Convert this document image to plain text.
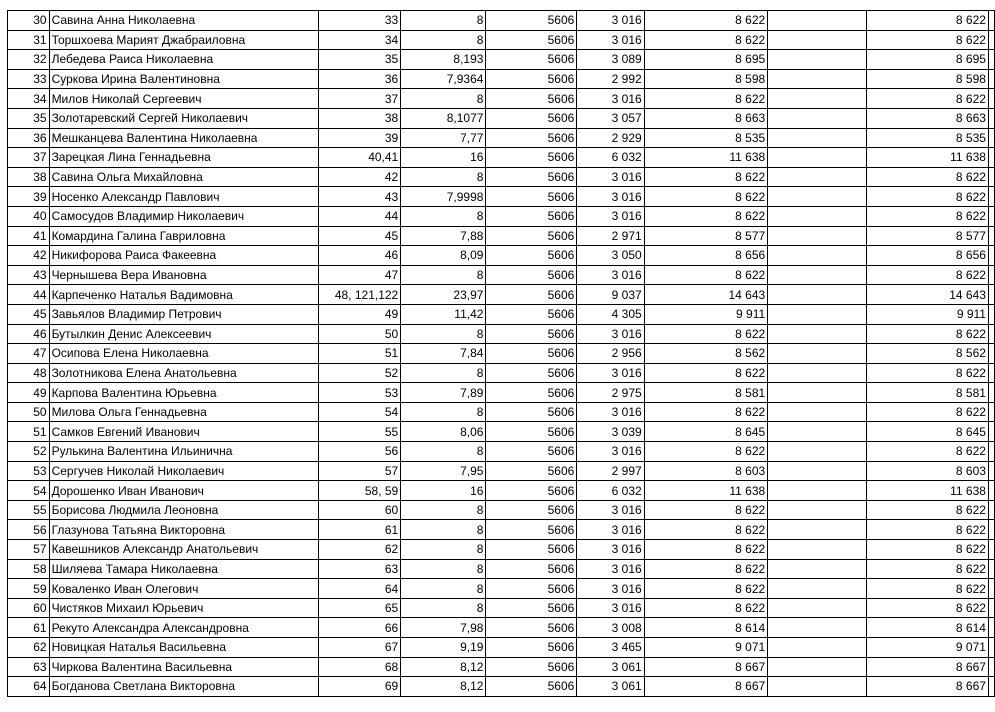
30	Савина Анна Николаевна	33	8	5606	3 016	8 622		8 622	
31	Торшхоева Марият Джабраиловна	34	8	5606	3 016	8 622		8 622	
32	Лебедева Раиса Николаевна	35	8,193	5606	3 089	8 695		8 695	
33	Суркова Ирина Валентиновна	36	7,9364	5606	2 992	8 598		8 598	
34	Милов Николай Сергеевич	37	8	5606	3 016	8 622		8 622	
35	Золотаревский Сергей Николаевич	38	8,1077	5606	3 057	8 663		8 663	
36	Мешканцева Валентина Николаевна	39	7,77	5606	2 929	8 535		8 535	
37	Зарецкая Лина Геннадьевна	40,41	16	5606	6 032	11 638		11 638	
38	Савина Ольга Михайловна	42	8	5606	3 016	8 622		8 622	
39	Носенко Александр Павлович	43	7,9998	5606	3 016	8 622		8 622	
40	Самосудов Владимир Николаевич	44	8	5606	3 016	8 622		8 622	
41	Комардина Галина Гавриловна	45	7,88	5606	2 971	8 577		8 577	
42	Никифорова Раиса Факеевна	46	8,09	5606	3 050	8 656		8 656	
43	Чернышева Вера Ивановна	47	8	5606	3 016	8 622		8 622	
44	Карпеченко Наталья Вадимовна	48, 121,122	23,97	5606	9 037	14 643		14 643	
45	Завьялов Владимир Петрович	49	11,42	5606	4 305	9 911		9 911	
46	Бутылкин Денис Алексеевич	50	8	5606	3 016	8 622		8 622	
47	Осипова Елена Николаевна	51	7,84	5606	2 956	8 562		8 562	
48	Золотникова Елена Анатольевна	52	8	5606	3 016	8 622		8 622	
49	Карпова Валентина Юрьевна	53	7,89	5606	2 975	8 581		8 581	
50	Милова Ольга Геннадьевна	54	8	5606	3 016	8 622		8 622	
51	Самков Евгений Иванович	55	8,06	5606	3 039	8 645		8 645	
52	Рулькина Валентина Ильинична	56	8	5606	3 016	8 622		8 622	
53	Сергучев Николай Николаевич	57	7,95	5606	2 997	8 603		8 603	
54	Дорошенко Иван Иванович	58, 59	16	5606	6 032	11 638		11 638	
55	Борисова Людмила Леоновна	60	8	5606	3 016	8 622		8 622	
56	Глазунова Татьяна Викторовна	61	8	5606	3 016	8 622		8 622	
57	Кавешников Александр Анатольевич	62	8	5606	3 016	8 622		8 622	
58	Шиляева Тамара Николаевна	63	8	5606	3 016	8 622		8 622	
59	Коваленко Иван Олегович	64	8	5606	3 016	8 622		8 622	
60	Чистяков Михаил Юрьевич	65	8	5606	3 016	8 622		8 622	
61	Рекуто Александра Александровна	66	7,98	5606	3 008	8 614		8 614	
62	Новицкая Наталья Васильевна	67	9,19	5606	3 465	9 071		9 071	
63	Чиркова Валентина Васильевна	68	8,12	5606	3 061	8 667		8 667	
64	Богданова Светлана Викторовна	69	8,12	5606	3 061	8 667		8 667	
